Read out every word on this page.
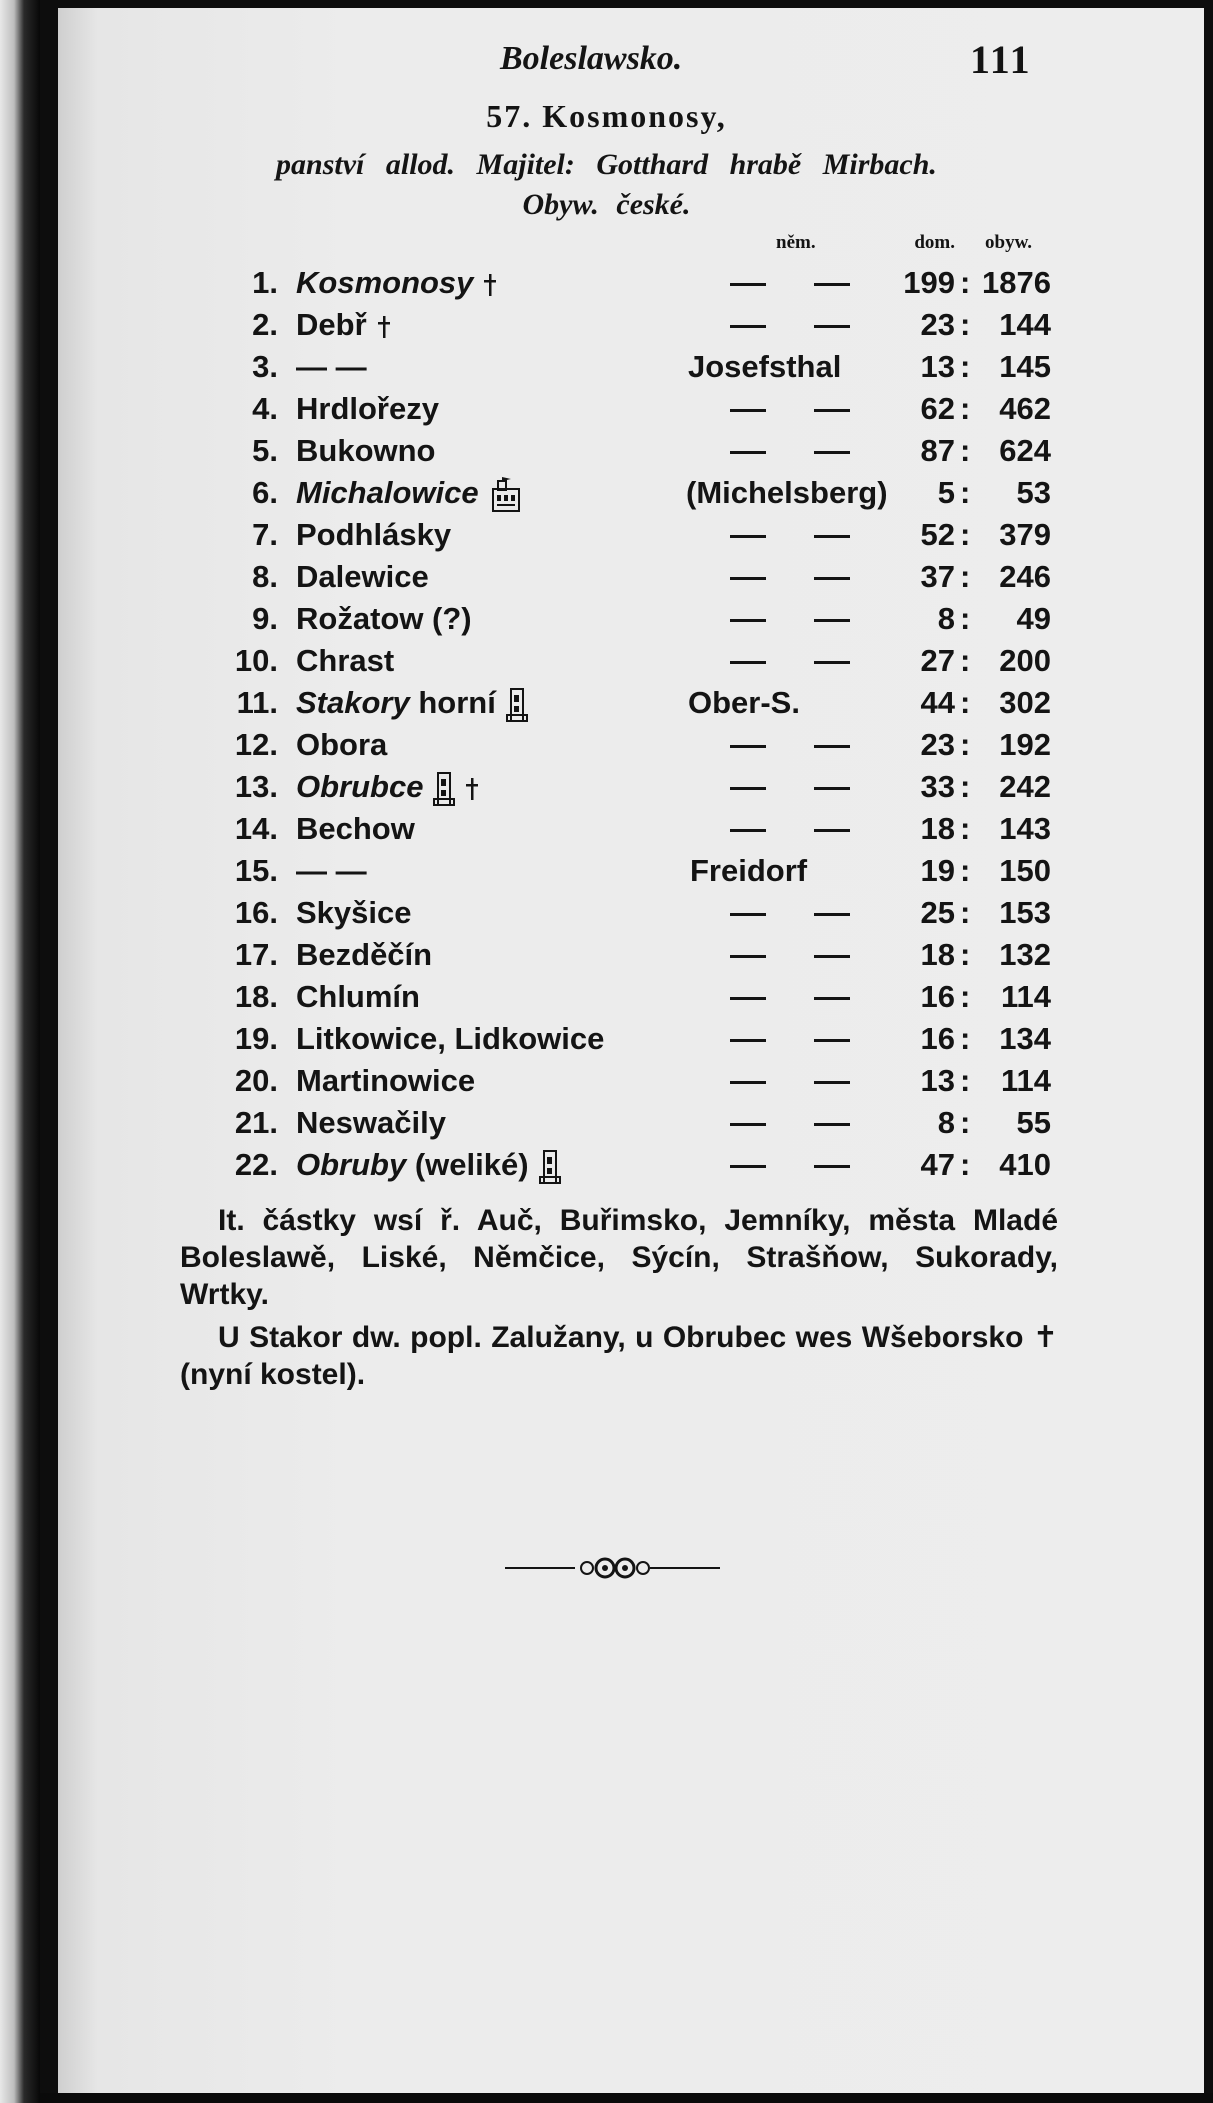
Boleslawsko.	111
57. Kosmonosy,
panství allod. Majitel: Gotthard hrabě Mirbach.
Obyw. české.
něm.	dom. obyw.
1. Kosmonosy	199 : 1876
2. Debř	23 : 144
3. — —	Josefsthal	13 : 145
4. Hrdlořezy	62 : 462
5. Bukowno	87 : 624
6. Michalowice	(Michelsberg) 5 : 53
7. Podhlásky	52 : 379
8. Dalewice	37 : 246
9. Rožatow (?)	8 : 49
10. Chrast	27 : 200
11. Stakory horní	Ober-S.	44 : 302
12. Obora	23 : 192
13. Obrubce	33 : 242
14. Bechow	18 : 143
15. — —	Freidorf	19 : 150
16. Skyšice	25 : 153
17. Bezděčín	18 : 132
18. Chlumín	16 : 114
19. Litkowice, Lidkowice	16 : 134
20. Martinowice	13 : 114
21. Neswačily	8 : 55
22. Obruby (weliké)	47 : 410

It. částky wsí ř. Auč, Buřimsko, Jemníky, města Mladé Boleslawě, Liské, Němčice, Sýcín, Strašňow, Sukorady, Wrtky.

U Stakor dw. popl. Zalužany, u Obrubec wes Wšeborsko ✝ (nyní kostel).
